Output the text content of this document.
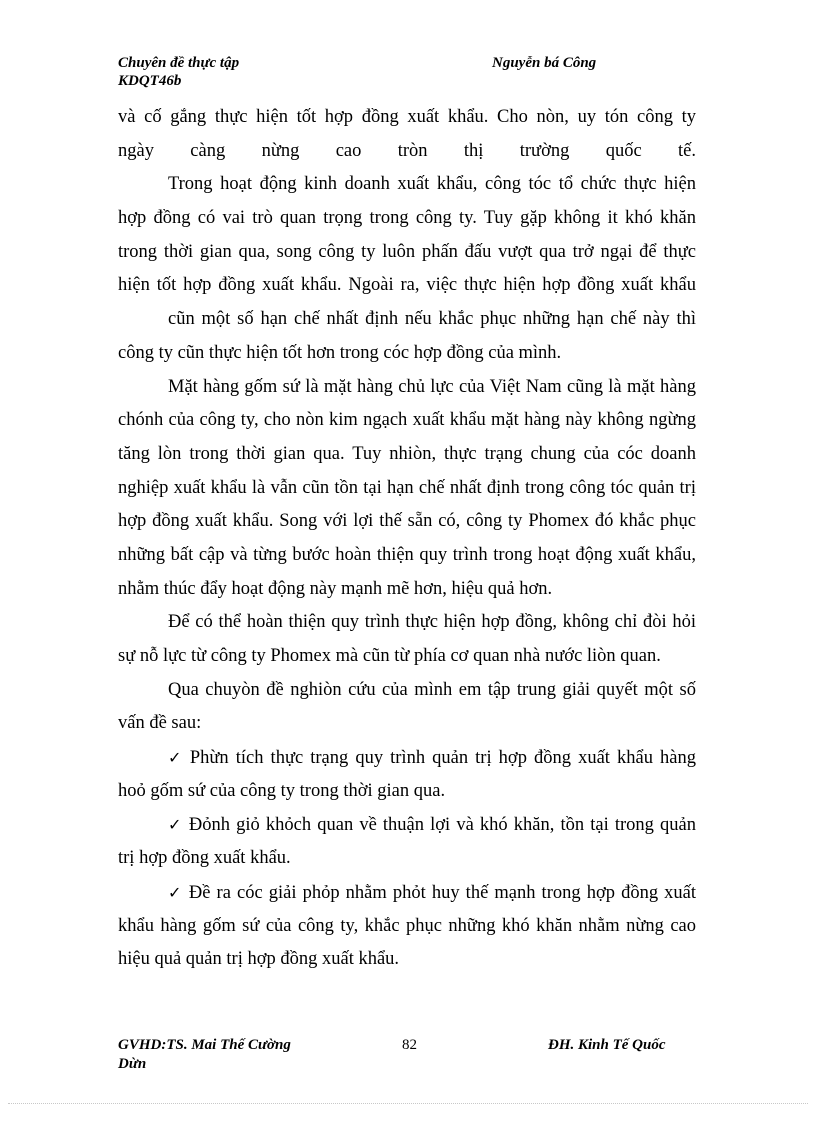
Chuyên đề thực tập
KDQT46b
Nguyễn bá Công
và cố gắng thực hiện tốt hợp đồng xuất khẩu. Cho nòn, uy tón công ty
ngày càng nừng cao tròn thị trường quốc tế.
Trong hoạt động kinh doanh xuất khẩu, công tóc tổ chức thực hiện
hợp đồng có vai trò quan trọng trong công ty. Tuy gặp không it khó khăn
trong thời gian qua, song công ty luôn phấn đấu vượt qua trở ngại để thực
hiện tốt hợp đồng xuất khẩu. Ngoài ra, việc thực hiện hợp đồng xuất khẩu
cũn một số hạn chế nhất định nếu khắc phục những hạn chế này thì
công ty cũn thực hiện tốt hơn trong cóc hợp đồng của mình.
Mặt hàng gốm sứ là mặt hàng chủ lực của Việt Nam cũng là mặt hàng
chónh của công ty, cho nòn kim ngạch xuất khẩu mặt hàng này không ngừng
tăng lòn trong thời gian qua. Tuy nhiòn, thực trạng chung của cóc doanh
nghiệp xuất khẩu là vẫn cũn tồn tại hạn chế nhất định trong công tóc quản trị
hợp đồng xuất khẩu. Song với lợi thế sẵn có, công ty Phomex đó khắc phục
những bất cập và từng bước hoàn thiện quy trình trong hoạt động xuất khẩu,
nhằm thúc đẩy hoạt động này mạnh mẽ hơn, hiệu quả hơn.
Để có thể hoàn thiện quy trình thực hiện hợp đồng, không chỉ đòi hỏi
sự nỗ lực từ công ty Phomex mà cũn từ phía cơ quan nhà nước liòn quan.
Qua chuyòn đề nghiòn cứu của mình em tập trung giải quyết một số
vấn đề sau:
✓ Phừn tích thực trạng quy trình quản trị hợp đồng xuất khẩu hàng
hoỏ gốm sứ của công ty trong thời gian qua.
✓ Đỏnh giỏ khỏch quan về thuận lợi và khó khăn, tồn tại trong quản
trị hợp đồng xuất khẩu.
✓ Đề ra cóc giải phỏp nhằm phỏt huy thế mạnh trong hợp đồng xuất
khẩu hàng gốm sứ của công ty, khắc phục những khó khăn nhằm nừng cao
hiệu quả quản trị hợp đồng xuất khẩu.
GVHD:TS. Mai Thế Cường
Dừn
82	ĐH. Kinh Tế Quốc
